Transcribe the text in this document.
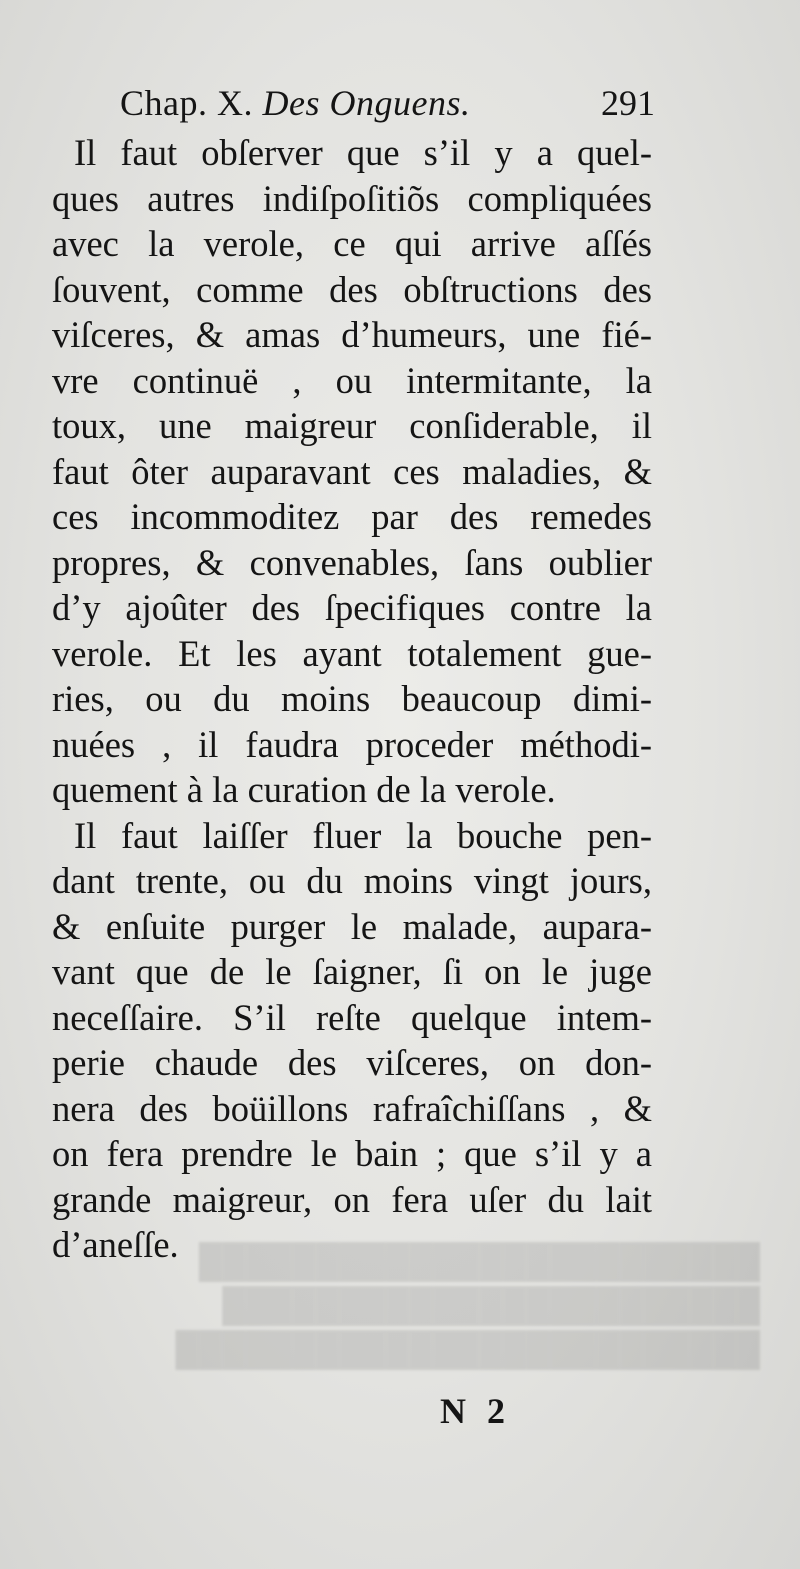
████████████████████████
███████████████████████
█████████████████████████
Chap. X. Des Onguens.	291

Il faut obſerver que s’il y a quel-
ques autres indiſpoſitiõs compliquées
avec la verole, ce qui arrive aſſés
ſouvent, comme des obſtructions des
viſceres, & amas d’humeurs, une fié-
vre continuë , ou intermitante, la
toux, une maigreur conſiderable, il
faut ôter auparavant ces maladies, &
ces incommoditez par des remedes
propres, & convenables, ſans oublier
d’y ajoûter des ſpecifiques contre la
verole. Et les ayant totalement gue-
ries, ou du moins beaucoup dimi-
nuées , il faudra proceder méthodi-
quement à la curation de la verole.

Il faut laiſſer fluer la bouche pen-
dant trente, ou du moins vingt jours,
& enſuite purger le malade, aupara-
vant que de le ſaigner, ſi on le juge
neceſſaire. S’il reſte quelque intem-
perie chaude des viſceres, on don-
nera des boüillons rafraîchiſſans , &
on fera prendre le bain ; que s’il y a
grande maigreur, on fera uſer du lait
d’aneſſe.

N 2
